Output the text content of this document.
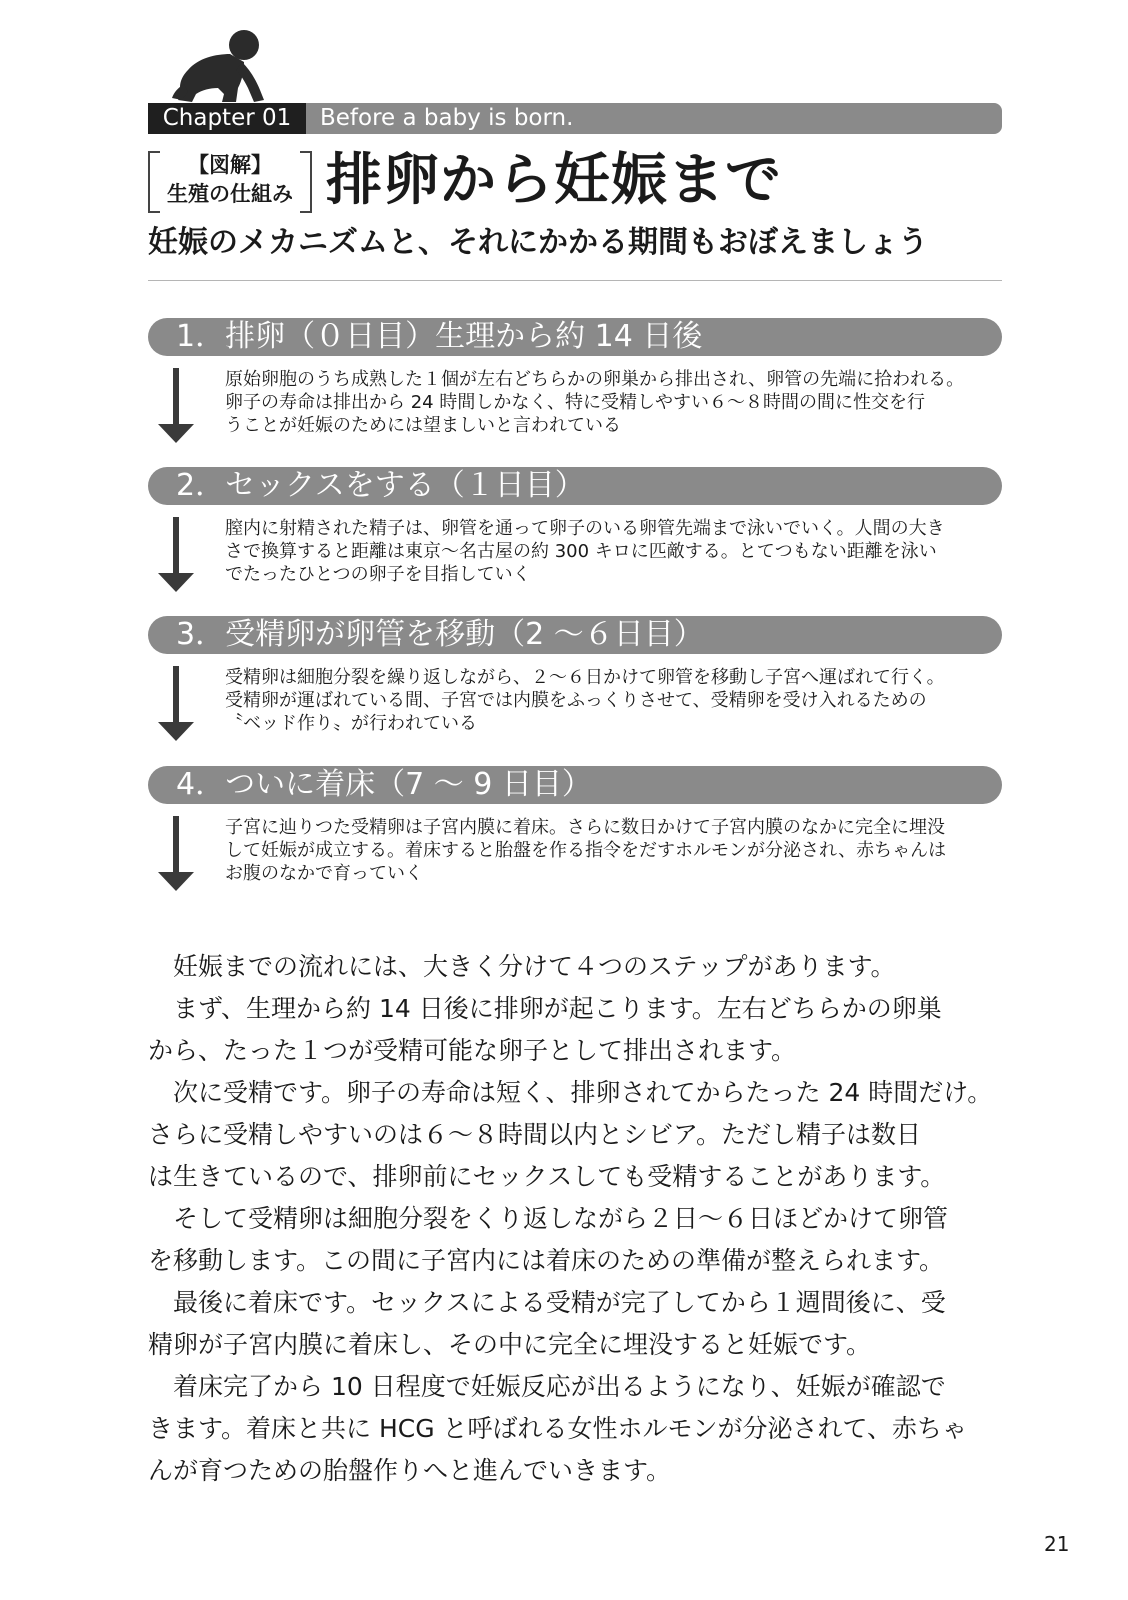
Chapter 01	Before a baby is born.
【図解】
生殖の仕組み 排卵から妊娠まで
妊娠のメカニズムと、それにかかる期間もおぼえましょう
1．排卵（０日目）生理から約 14 日後
原始卵胞のうち成熟した１個が左右どちらかの卵巣から排出され、卵管の先端に拾われる。
卵子の寿命は排出から 24 時間しかなく、特に受精しやすい６～８時間の間に性交を行
うことが妊娠のためには望ましいと言われている
2．セックスをする（１日目）
膣内に射精された精子は、卵管を通って卵子のいる卵管先端まで泳いでいく。人間の大き
さで換算すると距離は東京～名古屋の約 300 キロに匹敵する。とてつもない距離を泳い
でたったひとつの卵子を目指していく
3．受精卵が卵管を移動（2 ～６日目）
受精卵は細胞分裂を繰り返しながら、２～６日かけて卵管を移動し子宮へ運ばれて行く。
受精卵が運ばれている間、子宮では内膜をふっくりさせて、受精卵を受け入れるための
〝ベッド作り〟が行われている
4．ついに着床（7 ～ 9 日目）
子宮に辿りつた受精卵は子宮内膜に着床。さらに数日かけて子宮内膜のなかに完全に埋没
して妊娠が成立する。着床すると胎盤を作る指令をだすホルモンが分泌され、赤ちゃんは
お腹のなかで育っていく
　妊娠までの流れには、大きく分けて４つのステップがあります。
　まず、生理から約 14 日後に排卵が起こります。左右どちらかの卵巣
から、たった１つが受精可能な卵子として排出されます。
　次に受精です。卵子の寿命は短く、排卵されてからたった 24 時間だけ。
さらに受精しやすいのは６～８時間以内とシビア。ただし精子は数日
は生きているので、排卵前にセックスしても受精することがあります。
　そして受精卵は細胞分裂をくり返しながら２日～６日ほどかけて卵管
を移動します。この間に子宮内には着床のための準備が整えられます。
　最後に着床です。セックスによる受精が完了してから１週間後に、受
精卵が子宮内膜に着床し、その中に完全に埋没すると妊娠です。
　着床完了から 10 日程度で妊娠反応が出るようになり、妊娠が確認で
きます。着床と共に HCG と呼ばれる女性ホルモンが分泌されて、赤ちゃ
んが育つための胎盤作りへと進んでいきます。
21
